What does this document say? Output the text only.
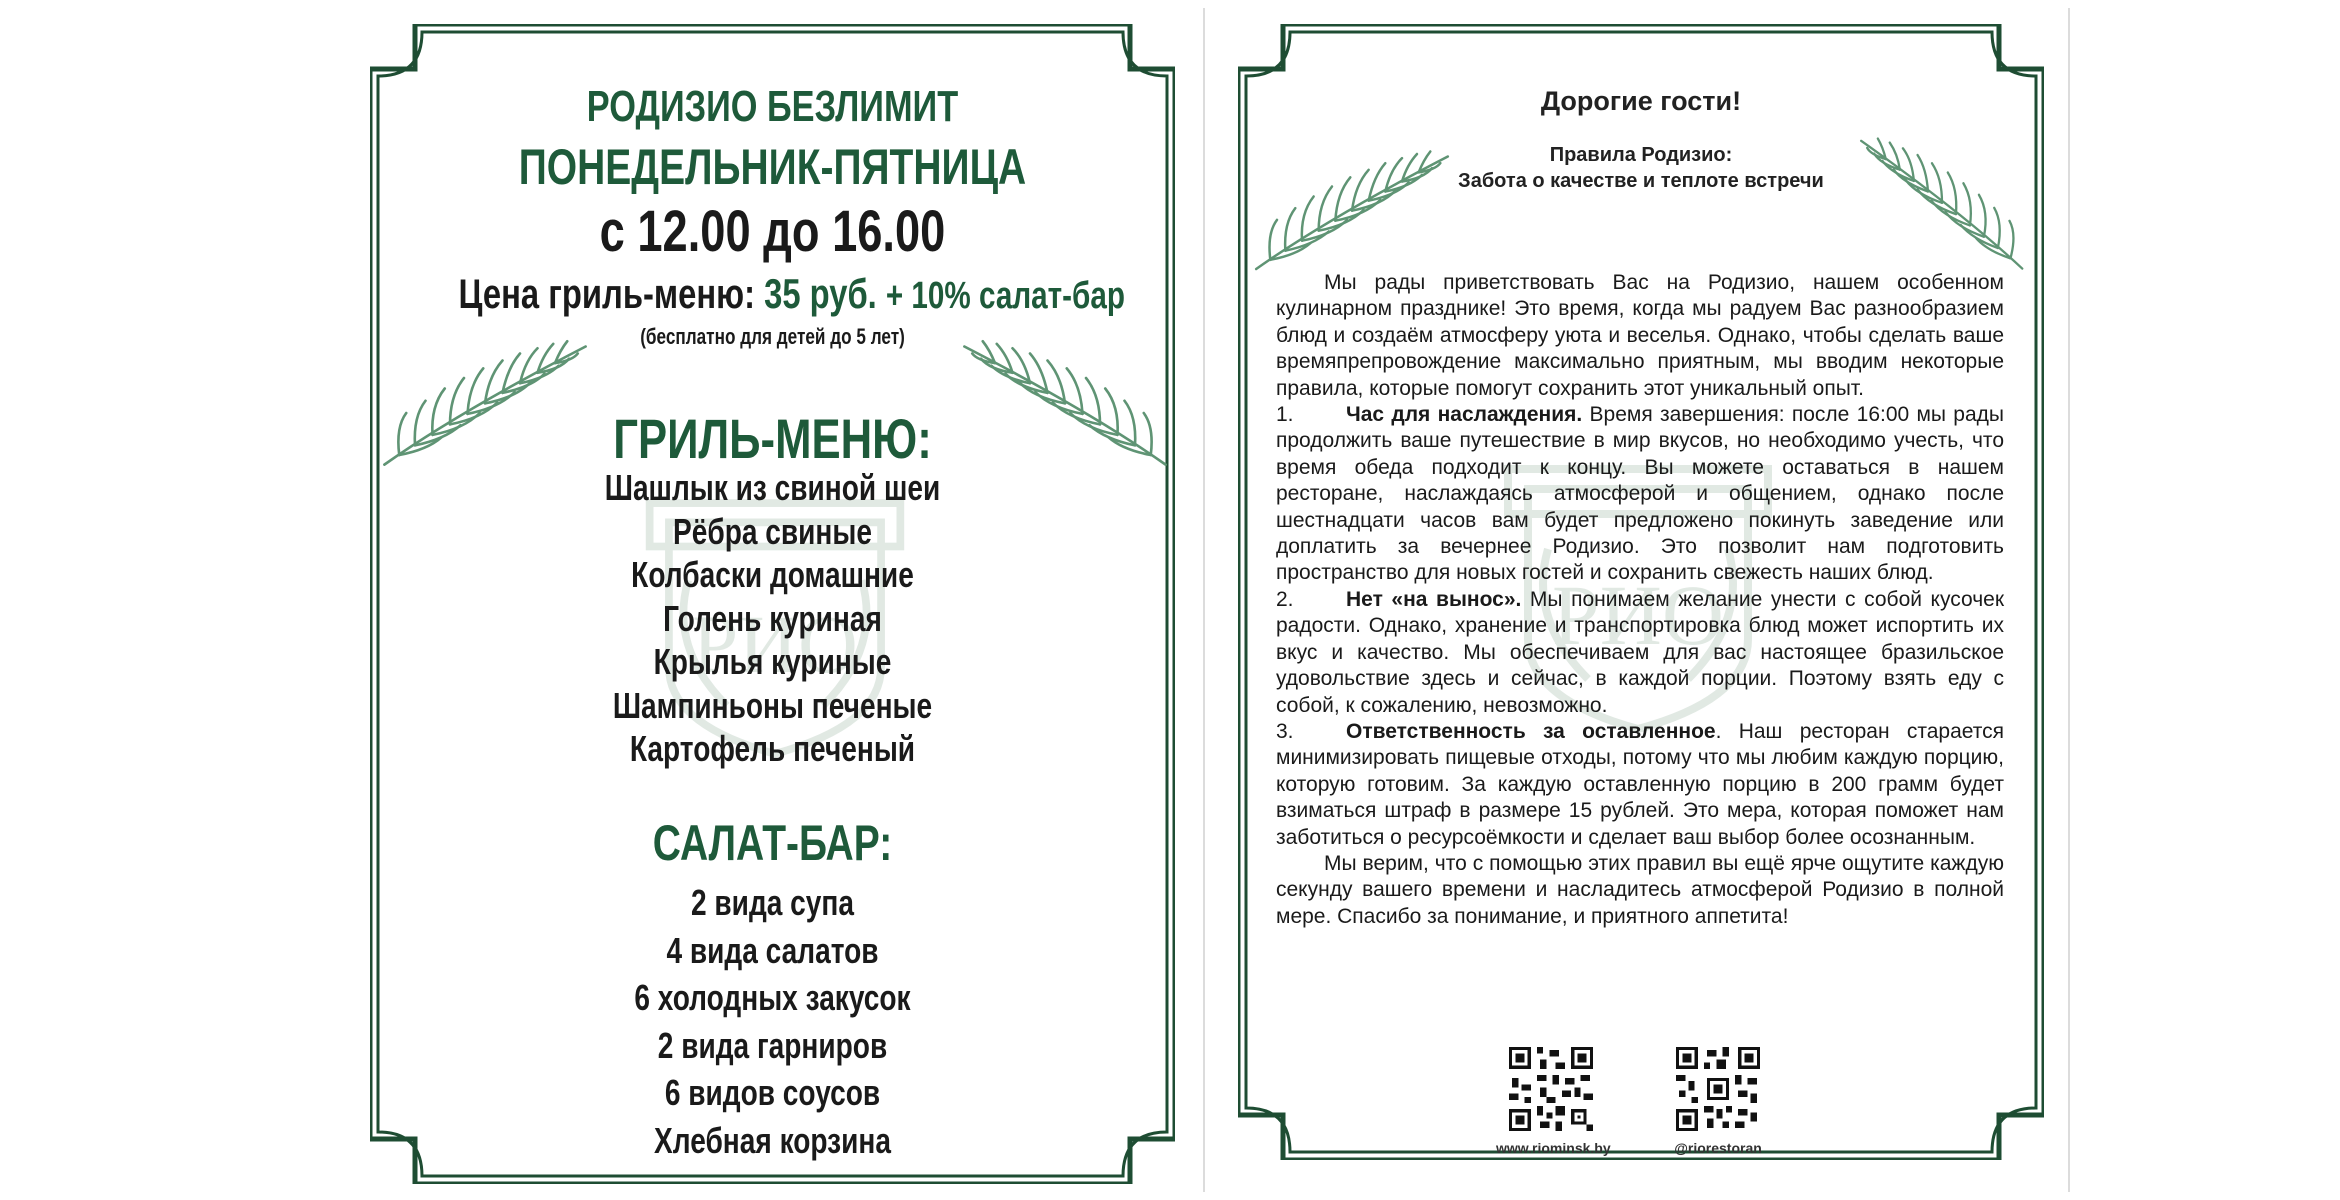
РОДИЗИО БЕЗЛИМИТ
ПОНЕДЕЛЬНИК-ПЯТНИЦА
с 12.00 до 16.00
Цена гриль-меню: 35 руб. + 10% салат-бар
(бесплатно для детей до 5 лет)
ГРИЛЬ-МЕНЮ:
Шашлык из свиной шеи
Рёбра свиные
Колбаски домашние
Голень куриная
Крылья куриные
Шампиньоны печеные
Картофель печеный
САЛАТ-БАР:
2 вида супа
4 вида салатов
6 холодных закусок
2 вида гарниров
6 видов соусов
Хлебная корзина
Дорогие гости!
Правила Родизио:
Забота о качестве и теплоте встречи

Мы рады приветствовать Вас на Родизио, нашем особенном кулинарном празднике! Это время, когда мы радуем Вас разнообразием блюд и создаём атмосферу уюта и веселья. Однако, чтобы сделать ваше времяпрепровождение максимально приятным, мы вводим некоторые правила, которые помогут сохранить этот уникальный опыт.

1. Час для наслаждения. Время завершения: после 16:00 мы рады продолжить ваше путешествие в мир вкусов, но необходимо учесть, что время обеда подходит к концу. Вы можете оставаться в нашем ресторане, наслаждаясь атмосферой и общением, однако после шестнадцати часов вам будет предложено покинуть заведение или доплатить за вечернее Родизио. Это позволит нам подготовить пространство для новых гостей и сохранить свежесть наших блюд.

2. Нет «на вынос». Мы понимаем желание унести с собой кусочек радости. Однако, хранение и транспортировка блюд может испортить их вкус и качество. Мы обеспечиваем для вас настоящее бразильское удовольствие здесь и сейчас, в каждой порции. Поэтому взять еду с собой, к сожалению, невозможно.

3. Ответственность за оставленное. Наш ресторан старается минимизировать пищевые отходы, потому что мы любим каждую порцию, которую готовим. За каждую оставленную порцию в 200 грамм будет взиматься штраф в размере 15 рублей. Это мера, которая поможет нам заботиться о ресурсоёмкости и сделает ваш выбор более осознанным.

Мы верим, что с помощью этих правил вы ещё ярче ощутите каждую секунду вашего времени и насладитесь атмосферой Родизио в полной мере. Спасибо за понимание, и приятного аппетита!

www.riominsk.by	@riorestoran
